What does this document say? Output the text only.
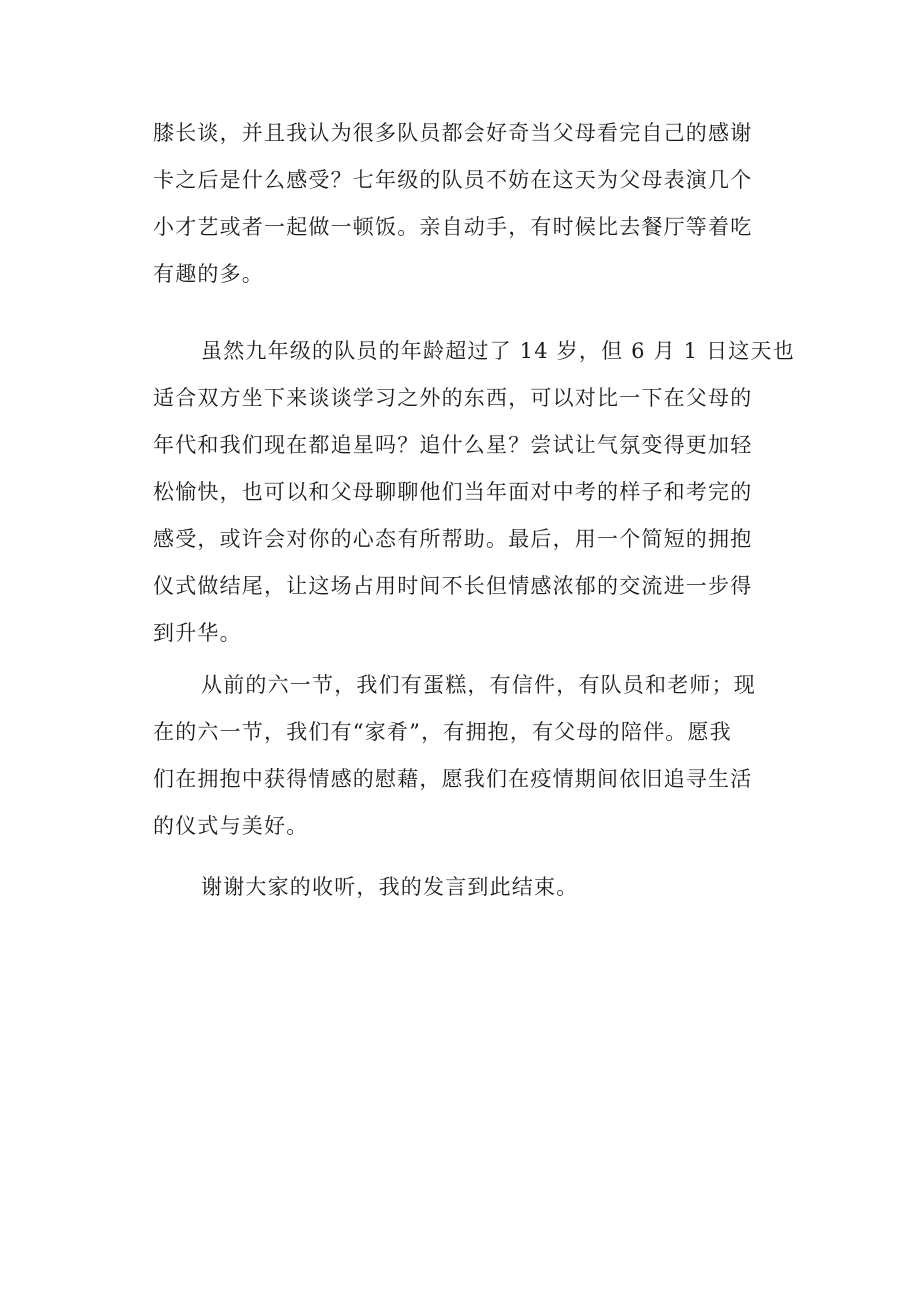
膝长谈，并且我认为很多队员都会好奇当父母看完自己的感谢
卡之后是什么感受？七年级的队员不妨在这天为父母表演几个
小才艺或者一起做一顿饭。亲自动手，有时候比去餐厅等着吃
有趣的多。
虽然九年级的队员的年龄超过了 14 岁，但 6 月 1 日这天也
适合双方坐下来谈谈学习之外的东西，可以对比一下在父母的
年代和我们现在都追星吗？追什么星？尝试让气氛变得更加轻
松愉快，也可以和父母聊聊他们当年面对中考的样子和考完的
感受，或许会对你的心态有所帮助。最后，用一个简短的拥抱
仪式做结尾，让这场占用时间不长但情感浓郁的交流进一步得
到升华。
从前的六一节，我们有蛋糕，有信件，有队员和老师；现
在的六一节，我们有“家肴”，有拥抱，有父母的陪伴。愿我
们在拥抱中获得情感的慰藉，愿我们在疫情期间依旧追寻生活
的仪式与美好。
谢谢大家的收听，我的发言到此结束。
